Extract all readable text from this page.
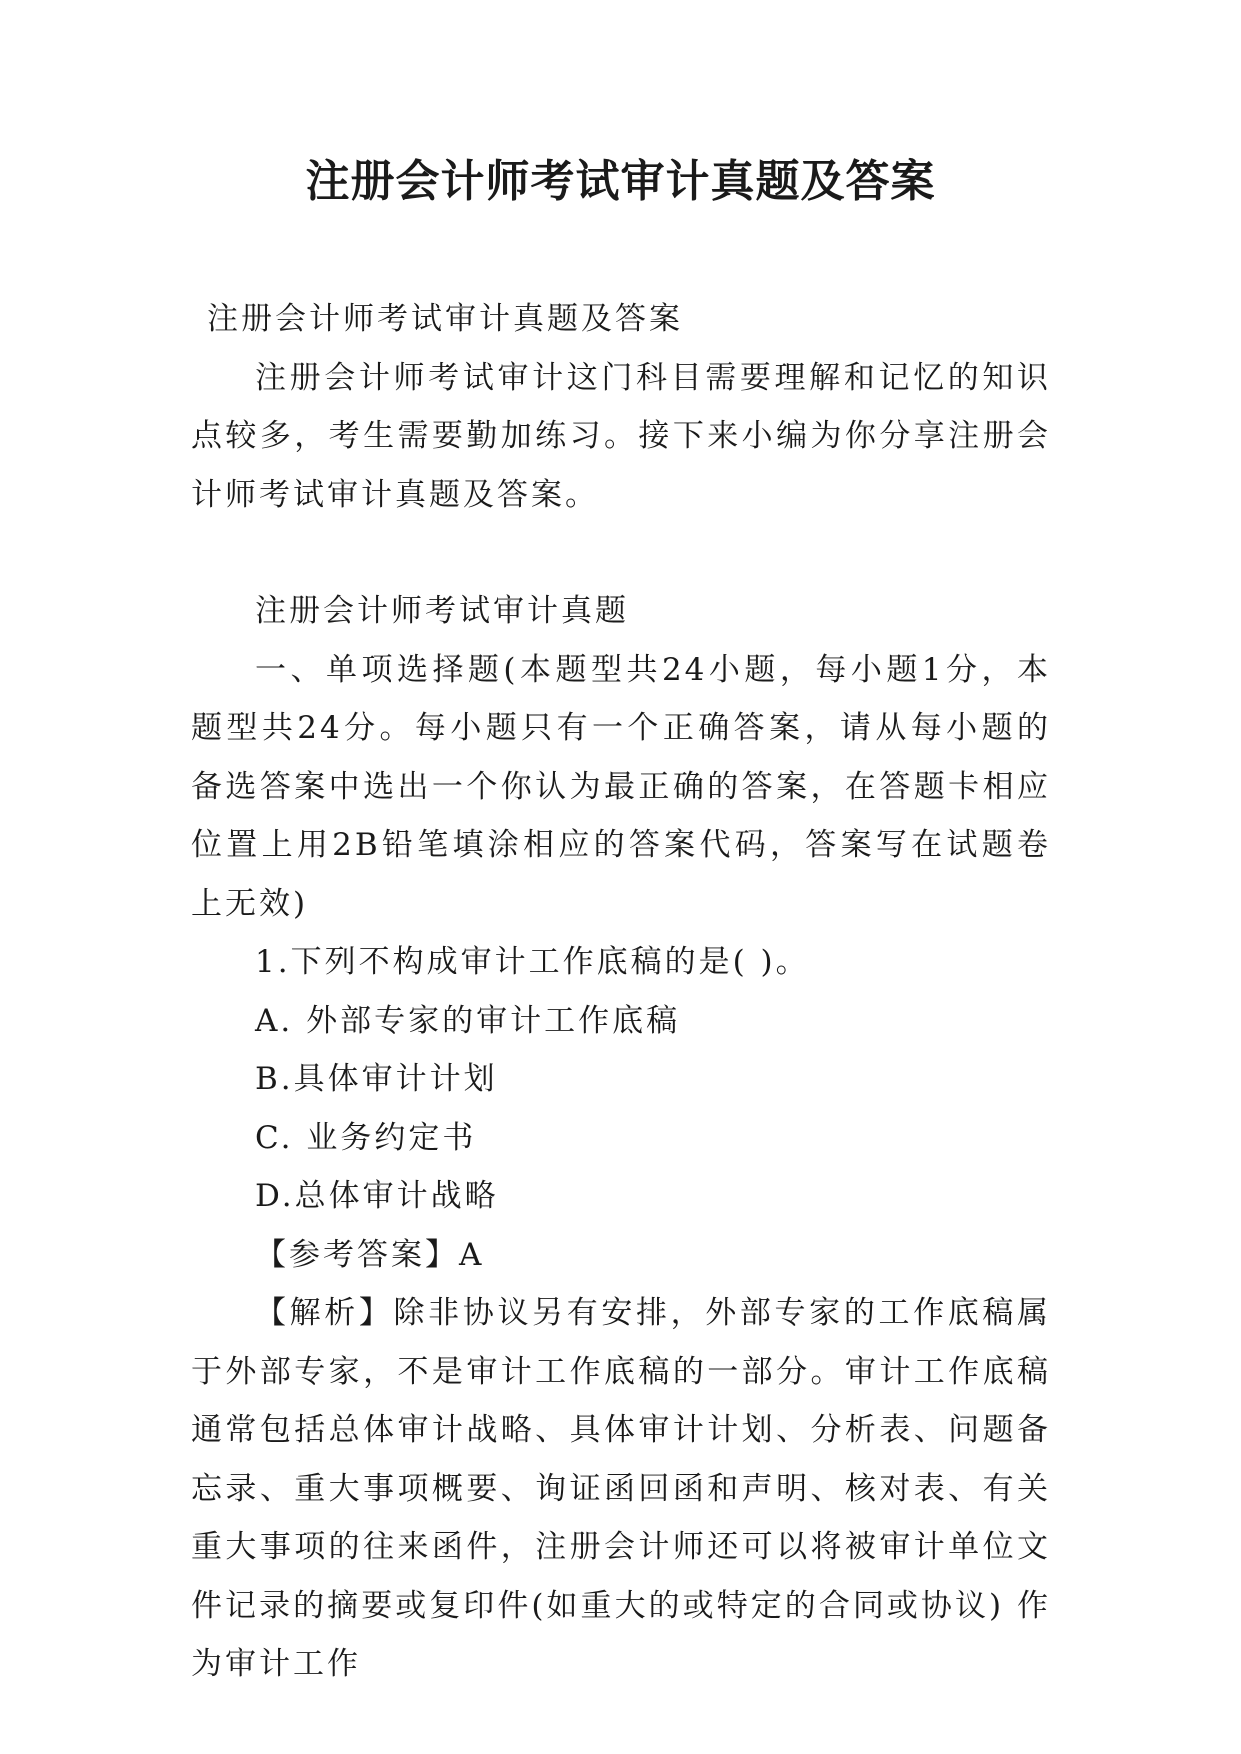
注册会计师考试审计真题及答案

注册会计师考试审计真题及答案

注册会计师考试审计这门科目需要理解和记忆的知识点较多，考生需要勤加练习。接下来小编为你分享注册会计师考试审计真题及答案。

注册会计师考试审计真题

一、单项选择题(本题型共24小题，每小题1分，本题型共24分。每小题只有一个正确答案，请从每小题的备选答案中选出一个你认为最正确的答案，在答题卡相应位置上用2B铅笔填涂相应的答案代码，答案写在试题卷上无效)

1.下列不构成审计工作底稿的是( )。

A. 外部专家的审计工作底稿

B.具体审计计划

C. 业务约定书

D.总体审计战略

【参考答案】A

【解析】除非协议另有安排，外部专家的工作底稿属于外部专家，不是审计工作底稿的一部分。审计工作底稿通常包括总体审计战略、具体审计计划、分析表、问题备忘录、重大事项概要、询证函回函和声明、核对表、有关重大事项的往来函件，注册会计师还可以将被审计单位文件记录的摘要或复印件(如重大的或特定的合同或协议) 作为审计工作
